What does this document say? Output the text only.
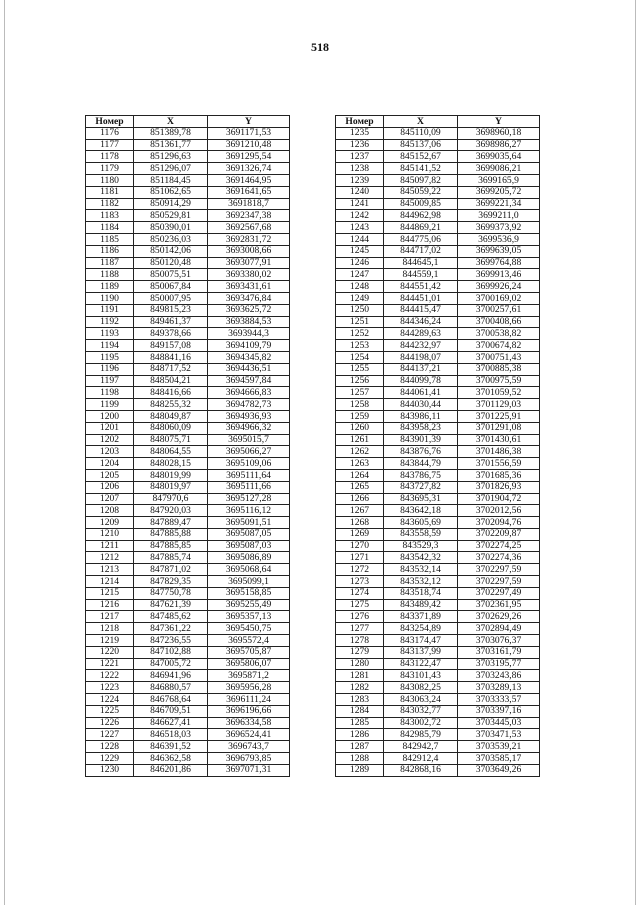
518
Номер	X	Y
1176	851389,78	3691171,53
1177	851361,77	3691210,48
1178	851296,63	3691295,54
1179	851296,07	3691326,74
1180	851184,45	3691464,95
1181	851062,65	3691641,65
1182	850914,29	3691818,7
1183	850529,81	3692347,38
1184	850390,01	3692567,68
1185	850236,03	3692831,72
1186	850142,06	3693008,66
1187	850120,48	3693077,91
1188	850075,51	3693380,02
1189	850067,84	3693431,61
1190	850007,95	3693476,84
1191	849815,23	3693625,72
1192	849461,37	3693884,53
1193	849378,66	3693944,3
1194	849157,08	3694109,79
1195	848841,16	3694345,82
1196	848717,52	3694436,51
1197	848504,21	3694597,84
1198	848416,66	3694666,83
1199	848255,32	3694782,73
1200	848049,87	3694936,93
1201	848060,09	3694966,32
1202	848075,71	3695015,7
1203	848064,55	3695066,27
1204	848028,15	3695109,06
1205	848019,99	3695111,64
1206	848019,97	3695111,66
1207	847970,6	3695127,28
1208	847920,03	3695116,12
1209	847889,47	3695091,51
1210	847885,88	3695087,05
1211	847885,85	3695087,03
1212	847885,74	3695086,89
1213	847871,02	3695068,64
1214	847829,35	3695099,1
1215	847750,78	3695158,85
1216	847621,39	3695255,49
1217	847485,62	3695357,13
1218	847361,22	3695450,75
1219	847236,55	3695572,4
1220	847102,88	3695705,87
1221	847005,72	3695806,07
1222	846941,96	3695871,2
1223	846880,57	3695956,28
1224	846768,64	3696111,24
1225	846709,51	3696196,66
1226	846627,41	3696334,58
1227	846518,03	3696524,41
1228	846391,52	3696743,7
1229	846362,58	3696793,85
1230	846201,86	3697071,31
Номер	X	Y
1235	845110,09	3698960,18
1236	845137,06	3698986,27
1237	845152,67	3699035,64
1238	845141,52	3699086,21
1239	845097,82	3699165,9
1240	845059,22	3699205,72
1241	845009,85	3699221,34
1242	844962,98	3699211,0
1243	844869,21	3699373,92
1244	844775,06	3699536,9
1245	844717,02	3699639,05
1246	844645,1	3699764,88
1247	844559,1	3699913,46
1248	844551,42	3699926,24
1249	844451,01	3700169,02
1250	844415,47	3700257,61
1251	844346,24	3700408,66
1252	844289,63	3700538,82
1253	844232,97	3700674,82
1254	844198,07	3700751,43
1255	844137,21	3700885,38
1256	844099,78	3700975,59
1257	844061,41	3701059,52
1258	844030,44	3701129,03
1259	843986,11	3701225,91
1260	843958,23	3701291,08
1261	843901,39	3701430,61
1262	843876,76	3701486,38
1263	843844,79	3701556,59
1264	843786,75	3701685,36
1265	843727,82	3701826,93
1266	843695,31	3701904,72
1267	843642,18	3702012,56
1268	843605,69	3702094,76
1269	843558,59	3702209,87
1270	843529,3	3702274,25
1271	843542,32	3702274,36
1272	843532,14	3702297,59
1273	843532,12	3702297,59
1274	843518,74	3702297,49
1275	843489,42	3702361,95
1276	843371,89	3702629,26
1277	843254,89	3702894,49
1278	843174,47	3703076,37
1279	843137,99	3703161,79
1280	843122,47	3703195,77
1281	843101,43	3703243,86
1282	843082,25	3703289,13
1283	843063,24	3703333,57
1284	843032,77	3703397,16
1285	843002,72	3703445,03
1286	842985,79	3703471,53
1287	842942,7	3703539,21
1288	842912,4	3703585,17
1289	842868,16	3703649,26
